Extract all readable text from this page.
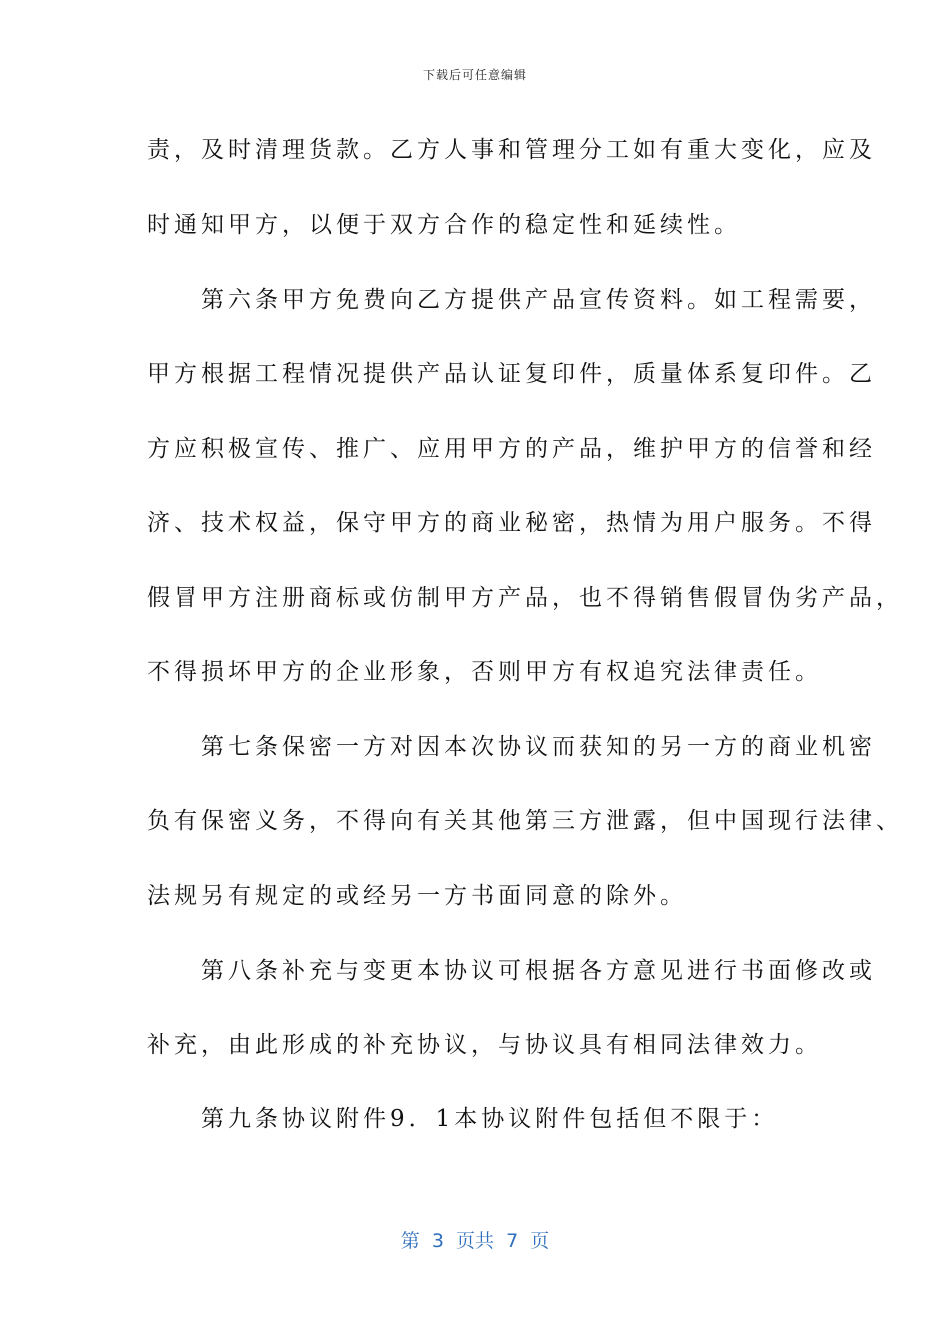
下载后可任意编辑
责，及时清理货款。乙方人事和管理分工如有重大变化，应及
时通知甲方，以便于双方合作的稳定性和延续性。
　　第六条甲方免费向乙方提供产品宣传资料。如工程需要，
甲方根据工程情况提供产品认证复印件，质量体系复印件。乙
方应积极宣传、推广、应用甲方的产品，维护甲方的信誉和经
济、技术权益，保守甲方的商业秘密，热情为用户服务。不得
假冒甲方注册商标或仿制甲方产品，也不得销售假冒伪劣产品，
不得损坏甲方的企业形象，否则甲方有权追究法律责任。
　　第七条保密一方对因本次协议而获知的另一方的商业机密
负有保密义务，不得向有关其他第三方泄露，但中国现行法律、
法规另有规定的或经另一方书面同意的除外。
　　第八条补充与变更本协议可根据各方意见进行书面修改或
补充，由此形成的补充协议，与协议具有相同法律效力。
　　第九条协议附件9．1本协议附件包括但不限于：
第  3  页共  7  页
